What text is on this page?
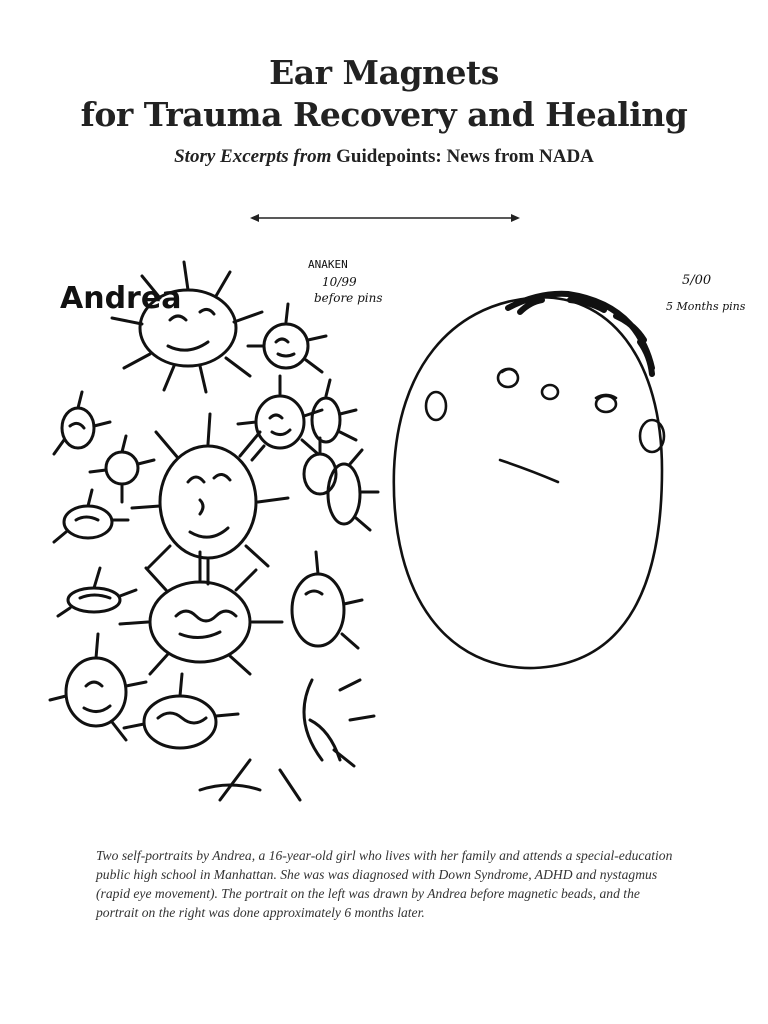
Ear Magnets
for Trauma Recovery and Healing
Story Excerpts from Guidepoints: News from NADA
Andrea
ANAKEN
10/99
before pins
5/00
5 Months pins
Two self-portraits by Andrea, a 16-year-old girl who lives with her family and attends a special-education public high school in Manhattan. She was was diagnosed with Down Syndrome, ADHD and nystagmus (rapid eye movement). The portrait on the left was drawn by Andrea before magnetic beads, and the portrait on the right was done approximately 6 months later.
